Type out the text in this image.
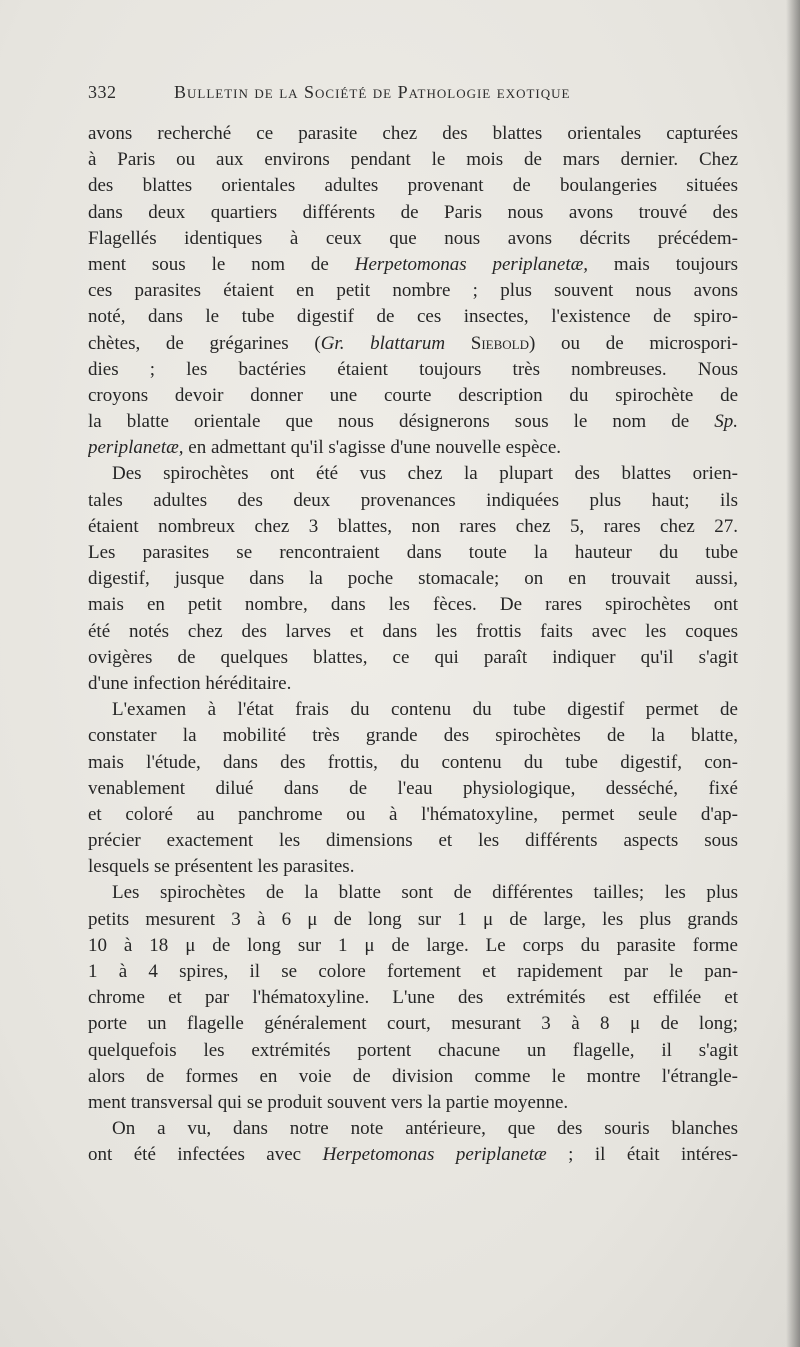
332	Bulletin de la Société de Pathologie exotique
avons recherché ce parasite chez des blattes orientales capturées
à Paris ou aux environs pendant le mois de mars dernier. Chez
des blattes orientales adultes provenant de boulangeries situées
dans deux quartiers différents de Paris nous avons trouvé des
Flagellés identiques à ceux que nous avons décrits précédem-
ment sous le nom de Herpetomonas periplanetæ, mais toujours
ces parasites étaient en petit nombre ; plus souvent nous avons
noté, dans le tube digestif de ces insectes, l'existence de spiro-
chètes, de grégarines (Gr. blattarum Siebold) ou de microspori-
dies ; les bactéries étaient toujours très nombreuses. Nous
croyons devoir donner une courte description du spirochète de
la blatte orientale que nous désignerons sous le nom de Sp.
periplanetæ, en admettant qu'il s'agisse d'une nouvelle espèce.
Des spirochètes ont été vus chez la plupart des blattes orien-
tales adultes des deux provenances indiquées plus haut; ils
étaient nombreux chez 3 blattes, non rares chez 5, rares chez 27.
Les parasites se rencontraient dans toute la hauteur du tube
digestif, jusque dans la poche stomacale; on en trouvait aussi,
mais en petit nombre, dans les fèces. De rares spirochètes ont
été notés chez des larves et dans les frottis faits avec les coques
ovigères de quelques blattes, ce qui paraît indiquer qu'il s'agit
d'une infection héréditaire.
L'examen à l'état frais du contenu du tube digestif permet de
constater la mobilité très grande des spirochètes de la blatte,
mais l'étude, dans des frottis, du contenu du tube digestif, con-
venablement dilué dans de l'eau physiologique, desséché, fixé
et coloré au panchrome ou à l'hématoxyline, permet seule d'ap-
précier exactement les dimensions et les différents aspects sous
lesquels se présentent les parasites.
Les spirochètes de la blatte sont de différentes tailles; les plus
petits mesurent 3 à 6 μ de long sur 1 μ de large, les plus grands
10 à 18 μ de long sur 1 μ de large. Le corps du parasite forme
1 à 4 spires, il se colore fortement et rapidement par le pan-
chrome et par l'hématoxyline. L'une des extrémités est effilée et
porte un flagelle généralement court, mesurant 3 à 8 μ de long;
quelquefois les extrémités portent chacune un flagelle, il s'agit
alors de formes en voie de division comme le montre l'étrangle-
ment transversal qui se produit souvent vers la partie moyenne.
On a vu, dans notre note antérieure, que des souris blanches
ont été infectées avec Herpetomonas periplanetæ ; il était intéres-
